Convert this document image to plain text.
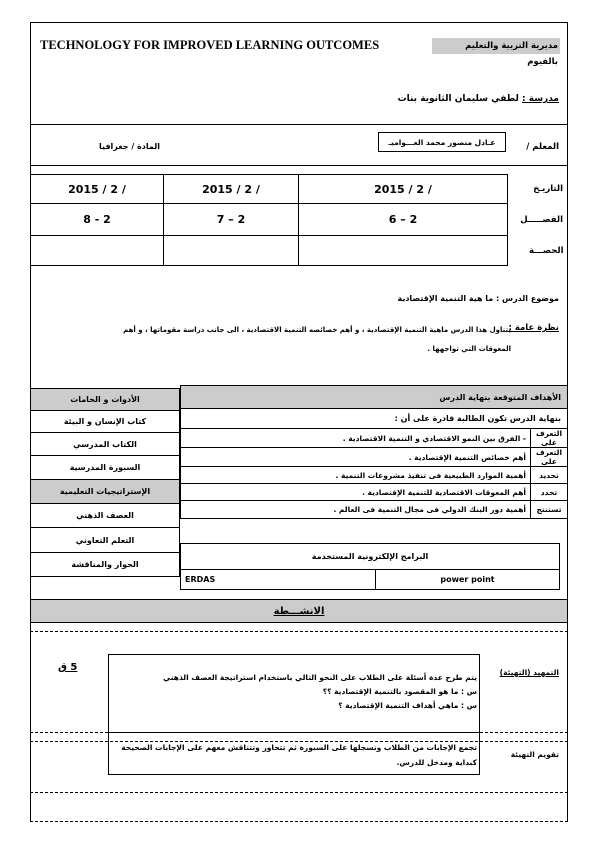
TECHNOLOGY FOR IMPROVED LEARNING OUTCOMES	مديرية التربية والتعليم بالفيوم
مدرسة : لطفي سليمان الثانوية بنات
المعلم /
عـادل منصور محمد العـــواميـ
المادة / جغرافيا
2015 / 2 /	2015 / 2 /	2015 / 2 /	التاريـخ
8 - 2	7 – 2	6 – 2	الفصـــــل
			الحصـــة
موضوع الدرس : ما هية التنمية الإقتصادية
نظرة عامة :
يتناول هذا الدرس ماهية التنمية الإقتصادية ، و أهم خصائصه التنمية الاقتصادية ، الى جانب دراسة مقوماتها ، و أهم
المعوقات التي تواجهها .
الأدوات و الخامات
كتاب الإنسان و البيئة
الكتاب المدرسي
السبورة المدرسية
الإستراتيجيات التعليمية
العصف الذهني
التعلم التعاوني
الحوار والمناقشة
الأهداف المتوقعة بنهاية الدرس	
بنهاية الدرس تكون الطالبة قادرة على أن :	
- الفرق بين النمو الاقتصادي و التنمية الاقتصادية .	التعرف على
أهم خصائص التنمية الإقتصادية .	التعرف على
أهمية الموارد الطبيعية فى تنفيذ مشروعات التنمية .	تحديد
أهم المعوقات الاقتصادية للتنمية الإقتصادية .	تحدد
أهمية دور البنك الدولي فى مجال التنمية فى العالم .	تستنتج
البرامج الإلكترونية المستخدمة
ERDAS	power point
الانشـــطة
التمهيد (التهيئة)
5 ق
يتم طرح عدة أسئلة على الطلاب على النحو التالي باستخدام استراتيجة العصف الذهني
س : ما هو المقصود بالتنمية الإقتصادية ؟؟
س : ماهي أهداف التنمية الإقتصادية ؟
تقويم التهيئة
تجمع الإجابات من الطلاب وتسجلها على السبورة ثم تتحاور وتتناقش معهم على الإجابات الصحيحة
كبداية ومدخل للدرس.
